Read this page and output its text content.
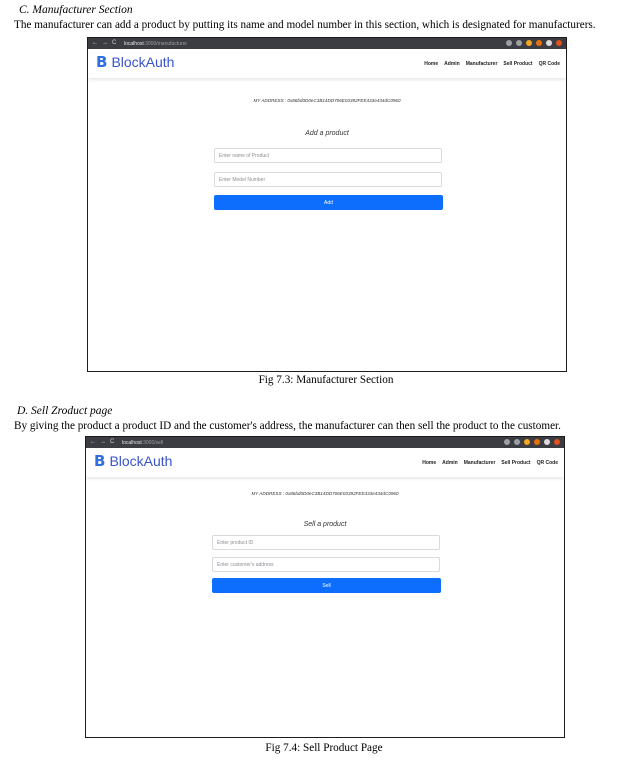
C. Manufacturer Section
The manufacturer can add a product by putting its name and model number in this section, which is designated for manufacturers.
←→C localhost:3000/manufacturer
B BlockAuth	Home Admin Manufacturer Sell Product QR Code
MY ADDRESS : 0x86bd0D0eC3B14DD706E03392FEE433e434dC0960
Add a product
Enter name of Product
Enter Model Number
Add
Fig 7.3: Manufacturer Section
D. Sell Zroduct page
By giving the product a product ID and the customer's address, the manufacturer can then sell the product to the customer.
←→C localhost:3000/sell
B BlockAuth	Home Admin Manufacturer Sell Product QR Code
MY ADDRESS : 0x86bd0D0eC3B14DD706E03392FEE433e434dC0960
Sell a product
Enter product ID
Enter customer's address
Sell
Fig 7.4: Sell Product Page
